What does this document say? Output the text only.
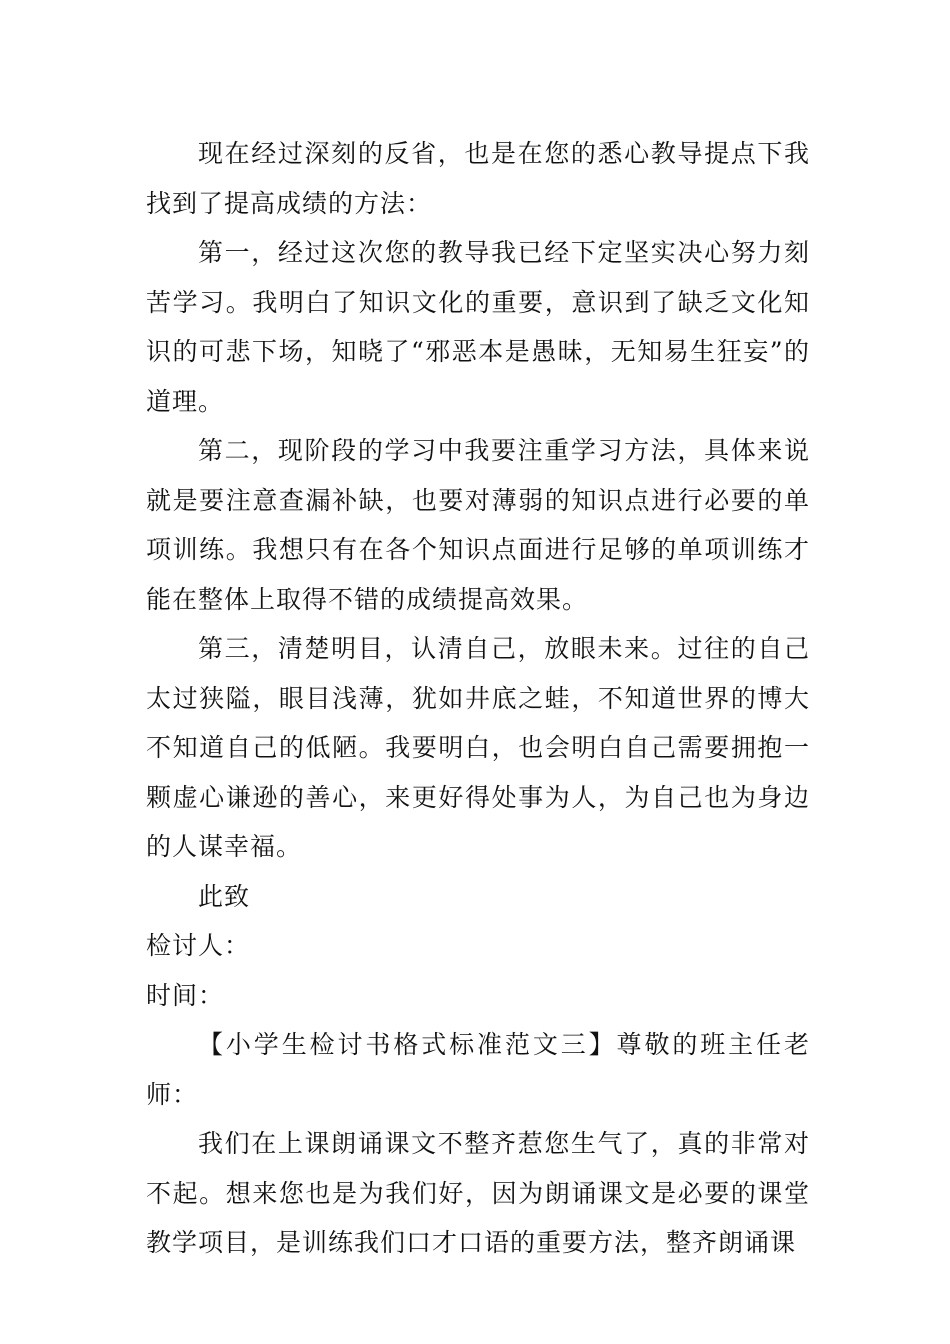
现在经过深刻的反省，也是在您的悉心教导提点下我找到了提高成绩的方法：

第一，经过这次您的教导我已经下定坚实决心努力刻苦学习。我明白了知识文化的重要，意识到了缺乏文化知识的可悲下场，知晓了“邪恶本是愚昧，无知易生狂妄”的道理。

第二，现阶段的学习中我要注重学习方法，具体来说就是要注意查漏补缺，也要对薄弱的知识点进行必要的单项训练。我想只有在各个知识点面进行足够的单项训练才能在整体上取得不错的成绩提高效果。

第三，清楚明目，认清自己，放眼未来。过往的自己太过狭隘，眼目浅薄，犹如井底之蛙，不知道世界的博大不知道自己的低陋。我要明白，也会明白自己需要拥抱一颗虚心谦逊的善心，来更好得处事为人，为自己也为身边的人谋幸福。

此致

检讨人：

时间：

【小学生检讨书格式标准范文三】尊敬的班主任老师：

我们在上课朗诵课文不整齐惹您生气了，真的非常对不起。想来您也是为我们好，因为朗诵课文是必要的课堂教学项目，是训练我们口才口语的重要方法，整齐朗诵课
